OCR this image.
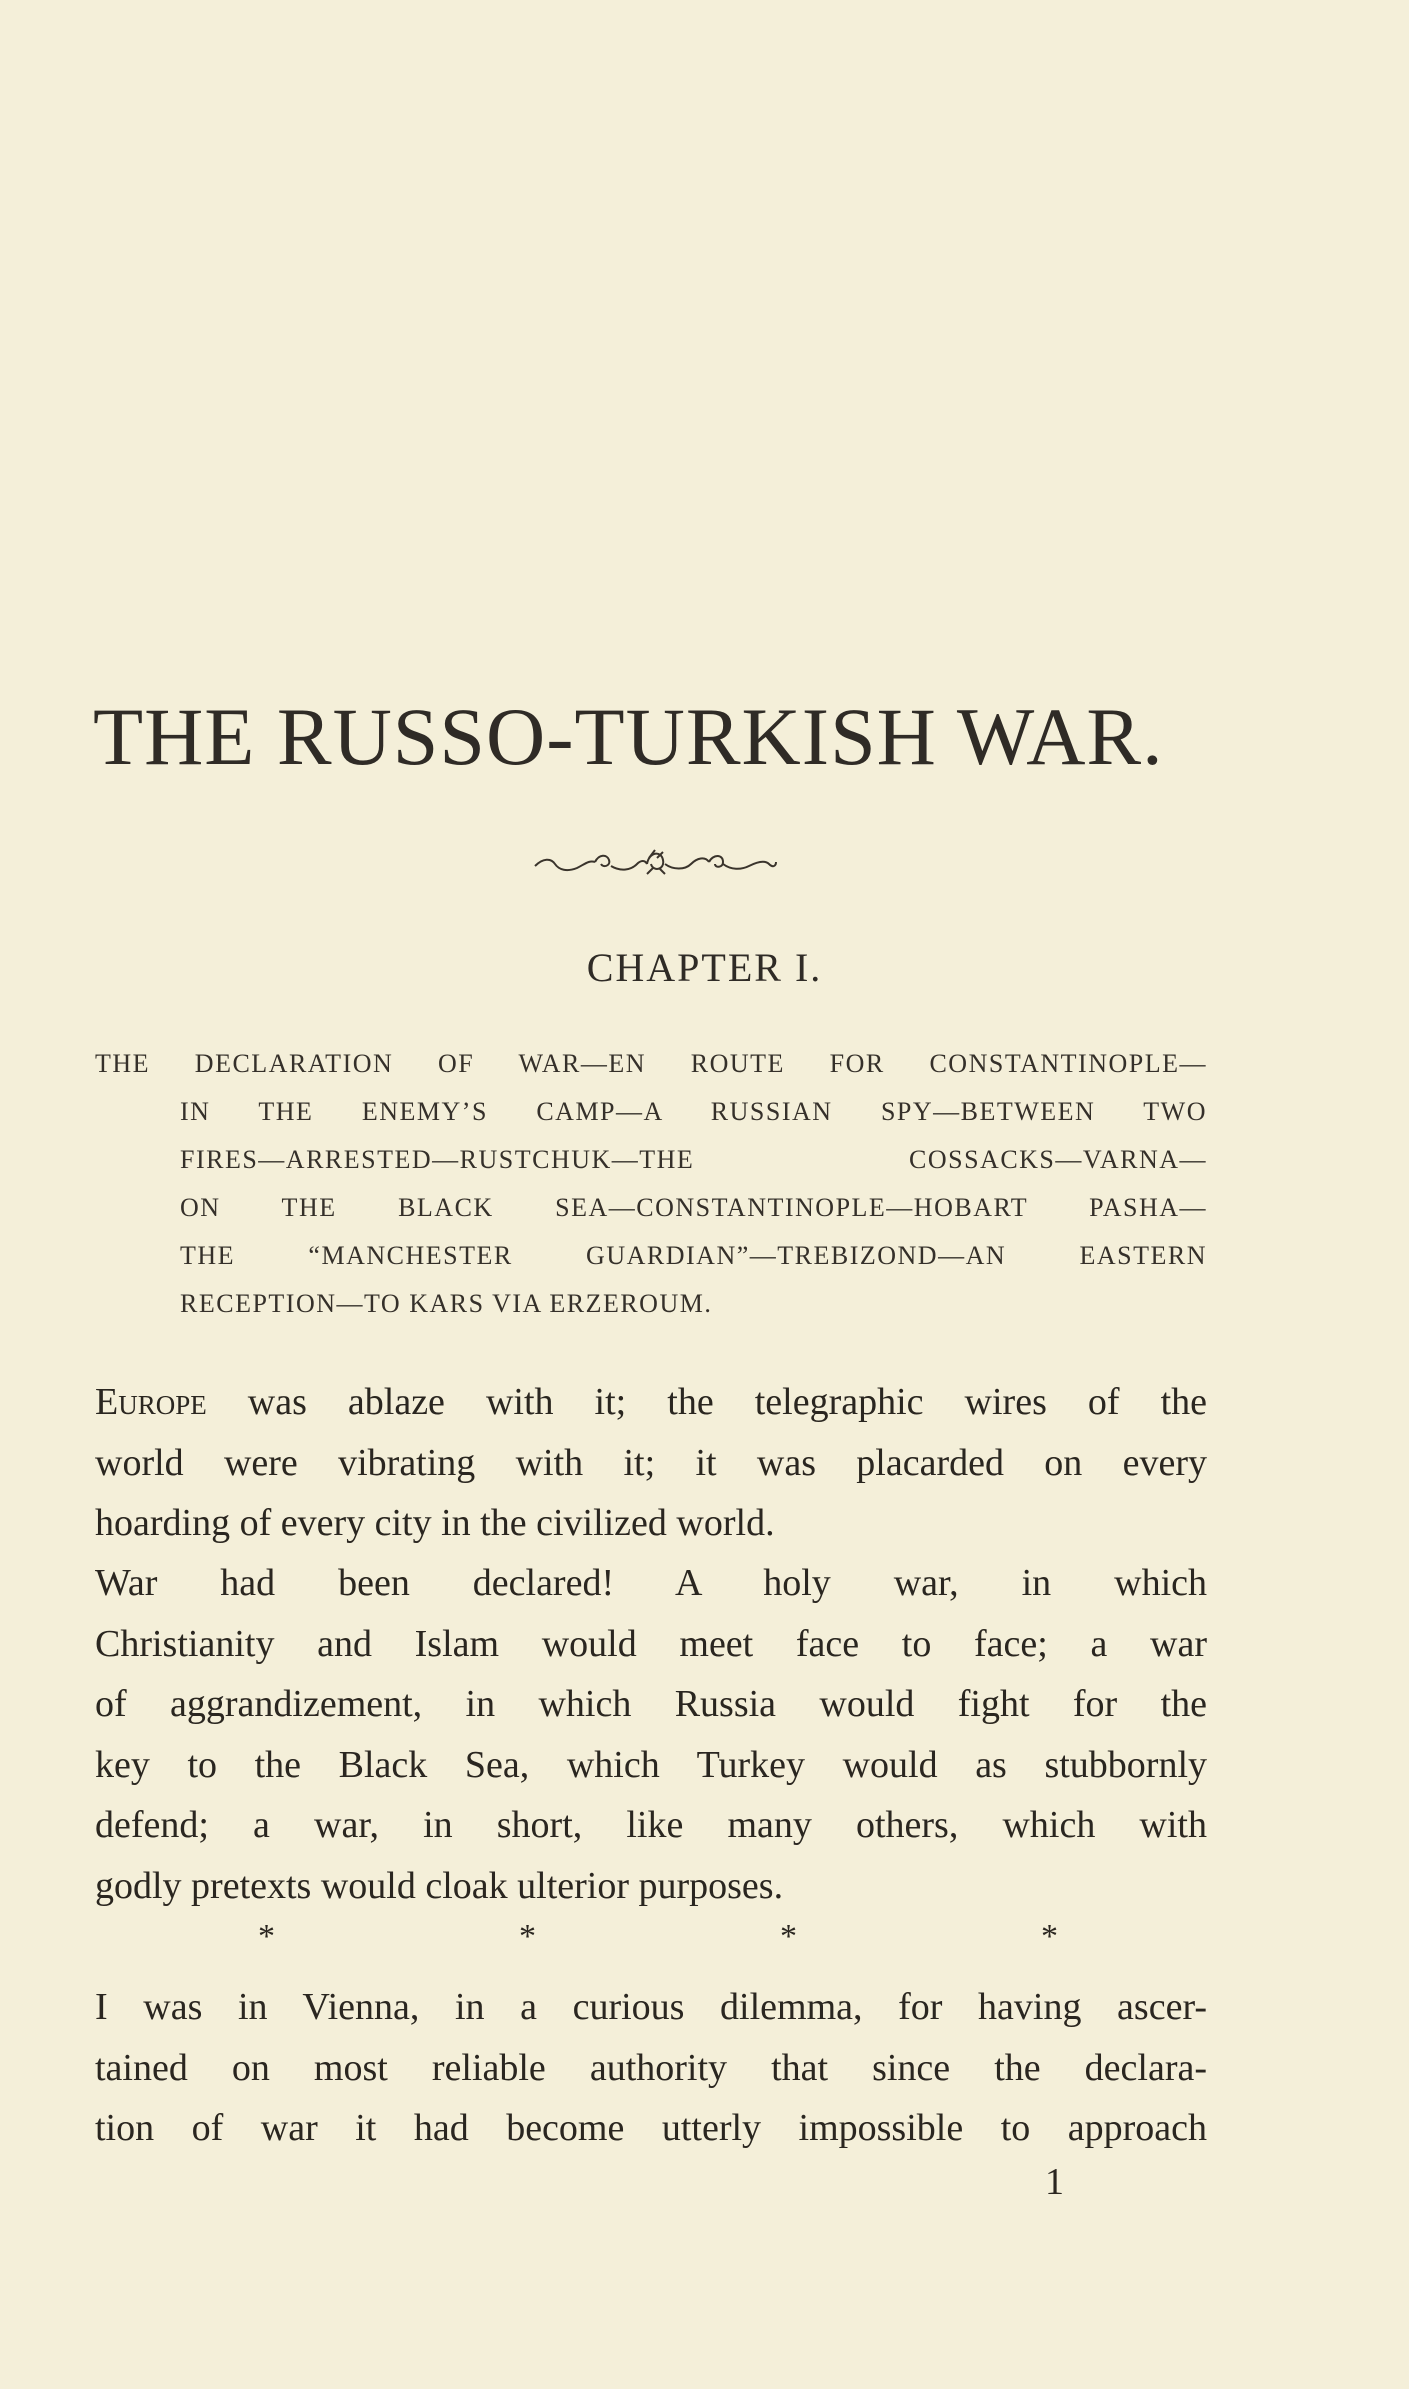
THE RUSSO-TURKISH WAR.
CHAPTER I.
THE DECLARATION OF WAR—EN ROUTE FOR CONSTANTINOPLE—
IN THE ENEMY’S CAMP—A RUSSIAN SPY—BETWEEN TWO
FIRES—ARRESTED—RUSTCHUK—THE COSSACKS—VARNA—
ON THE BLACK SEA—CONSTANTINOPLE—HOBART PASHA—
THE “MANCHESTER GUARDIAN”—TREBIZOND—AN EASTERN
RECEPTION—TO KARS VIA ERZEROUM.
Europe was ablaze with it; the telegraphic wires of the
world were vibrating with it; it was placarded on every
hoarding of every city in the civilized world.
War had been declared! A holy war, in which
Christianity and Islam would meet face to face; a war
of aggrandizement, in which Russia would fight for the
key to the Black Sea, which Turkey would as stubbornly
defend; a war, in short, like many others, which with
godly pretexts would cloak ulterior purposes.
*	*	*	*
I was in Vienna, in a curious dilemma, for having ascer-
tained on most reliable authority that since the declara-
tion of war it had become utterly impossible to approach
1
